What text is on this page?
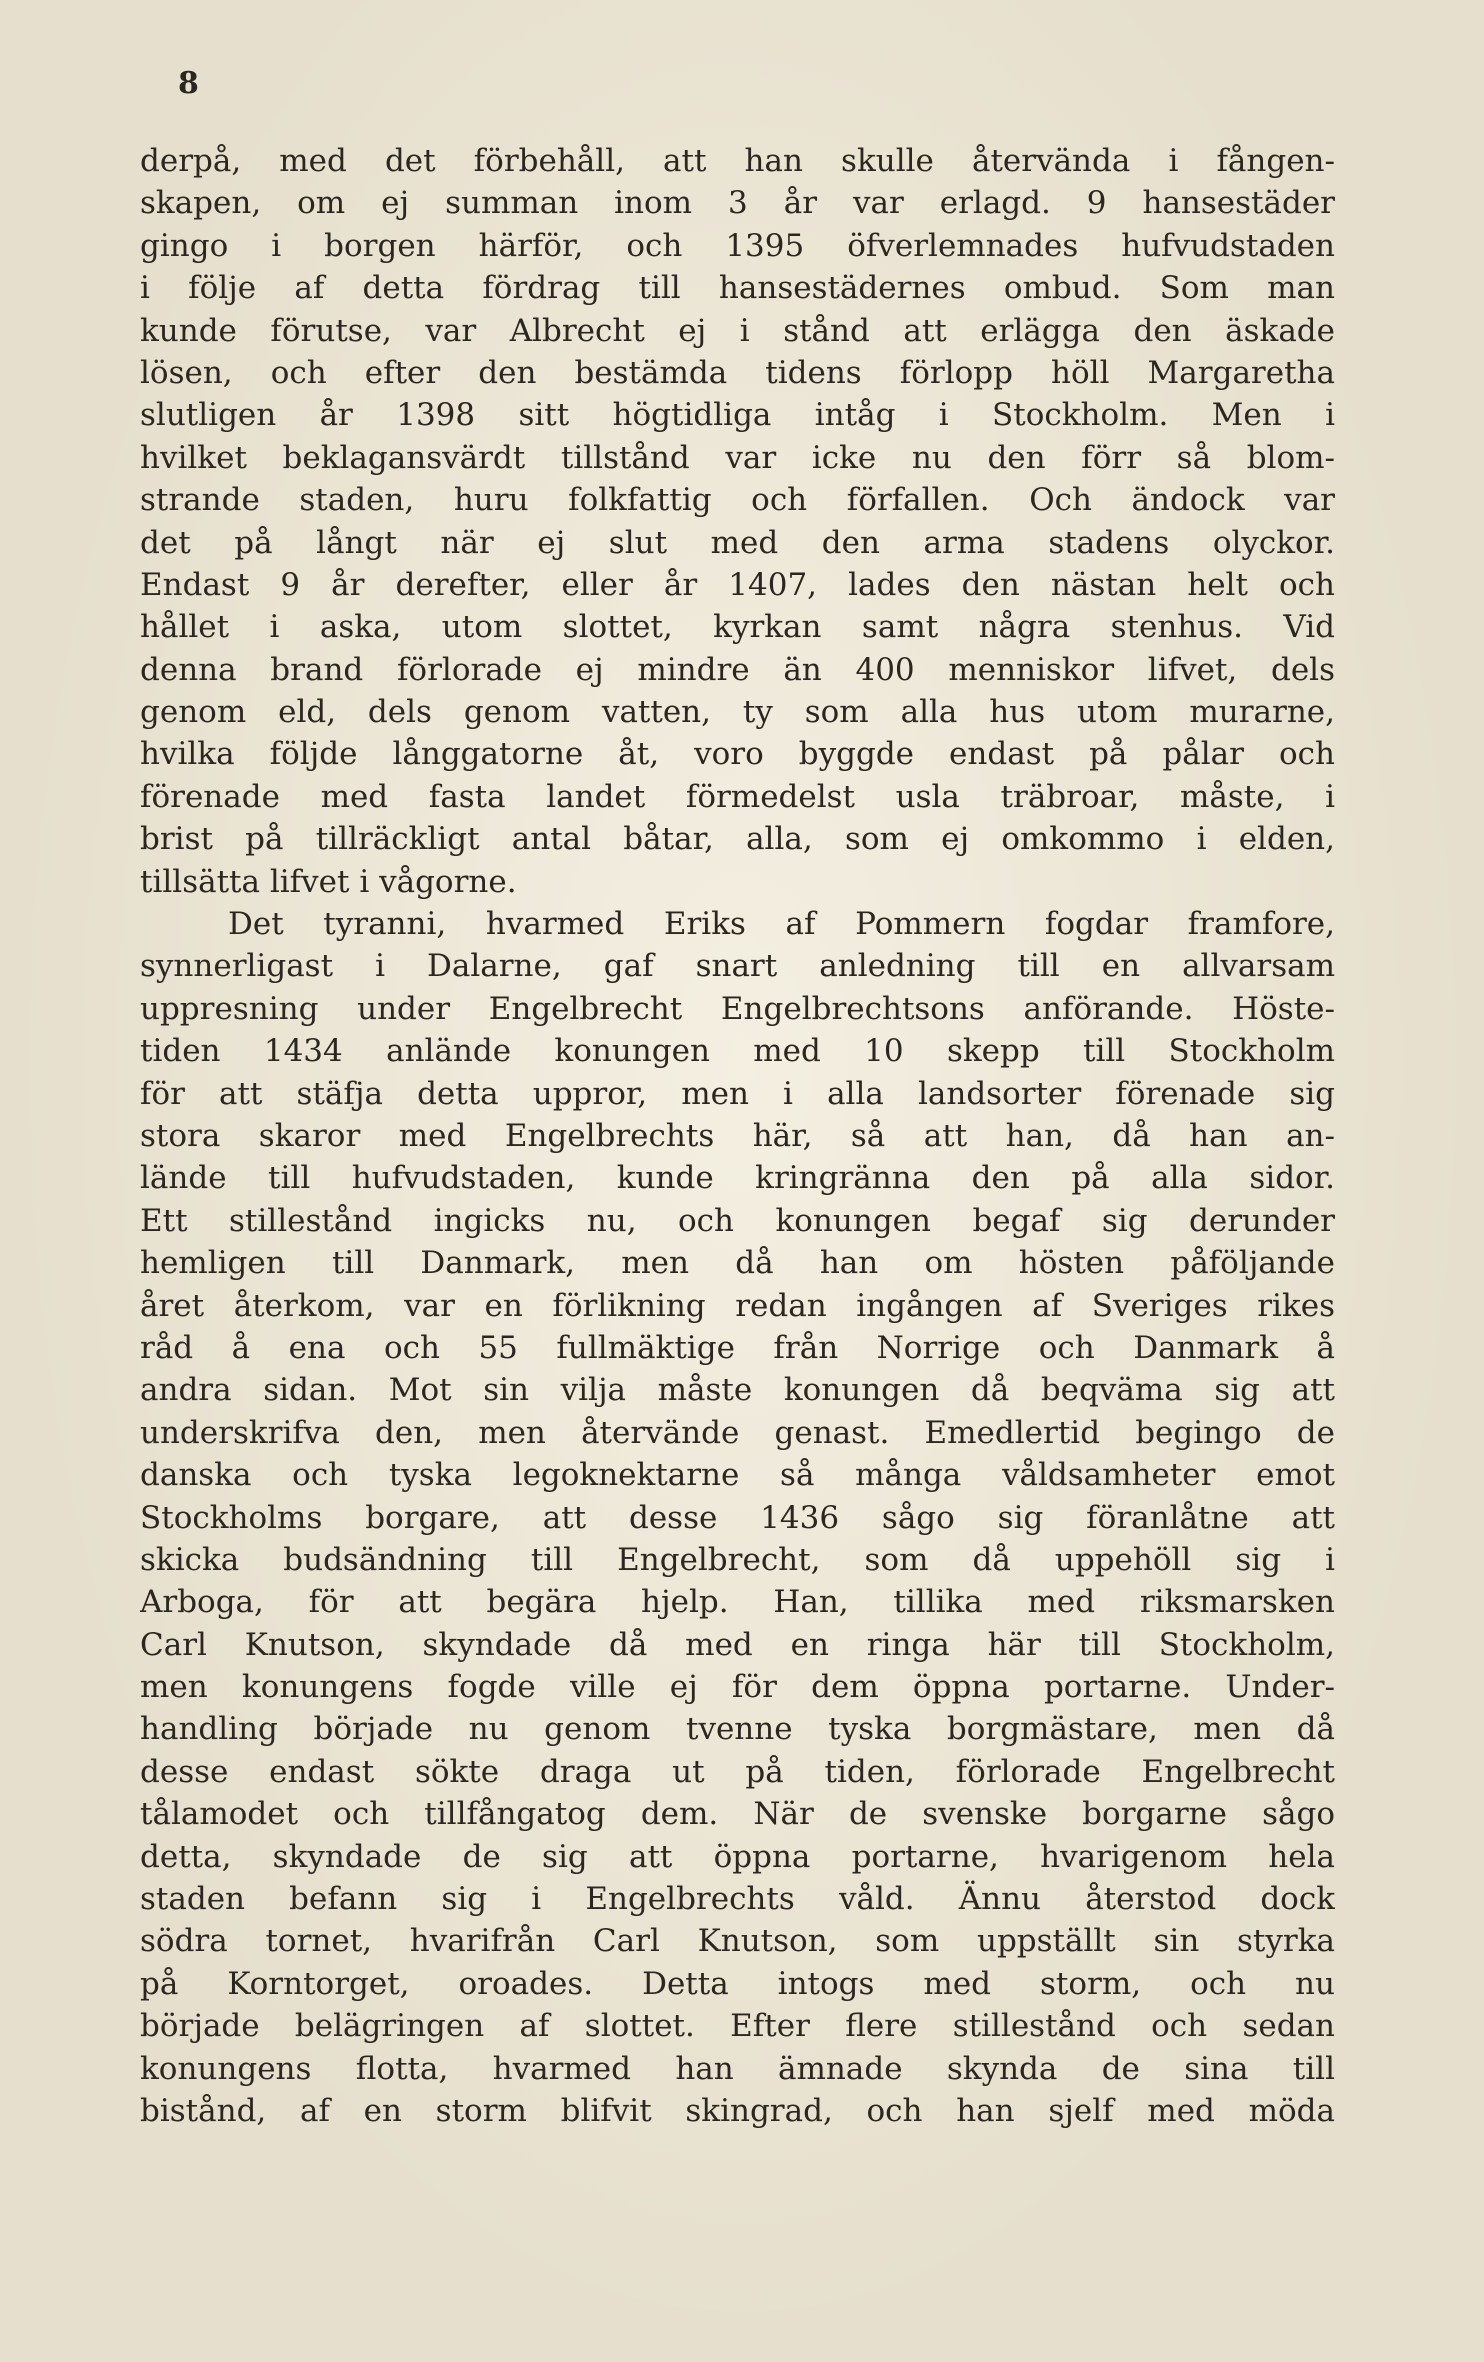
8
derpå, med det förbehåll, att han skulle återvända i fången-
skapen, om ej summan inom 3 år var erlagd. 9 hansestäder
gingo i borgen härför, och 1395 öfverlemnades hufvudstaden
i följe af detta fördrag till hansestädernes ombud. Som man
kunde förutse, var Albrecht ej i stånd att erlägga den äskade
lösen, och efter den bestämda tidens förlopp höll Margaretha
slutligen år 1398 sitt högtidliga intåg i Stockholm. Men i
hvilket beklagansvärdt tillstånd var icke nu den förr så blom-
strande staden, huru folkfattig och förfallen. Och ändock var
det på långt när ej slut med den arma stadens olyckor.
Endast 9 år derefter, eller år 1407, lades den nästan helt och
hållet i aska, utom slottet, kyrkan samt några stenhus. Vid
denna brand förlorade ej mindre än 400 menniskor lifvet, dels
genom eld, dels genom vatten, ty som alla hus utom murarne,
hvilka följde långgatorne åt, voro byggde endast på pålar och
förenade med fasta landet förmedelst usla träbroar, måste, i
brist på tillräckligt antal båtar, alla, som ej omkommo i elden,
tillsätta lifvet i vågorne.
Det tyranni, hvarmed Eriks af Pommern fogdar framfore,
synnerligast i Dalarne, gaf snart anledning till en allvarsam
uppresning under Engelbrecht Engelbrechtsons anförande. Höste-
tiden 1434 anlände konungen med 10 skepp till Stockholm
för att stäfja detta uppror, men i alla landsorter förenade sig
stora skaror med Engelbrechts här, så att han, då han an-
lände till hufvudstaden, kunde kringränna den på alla sidor.
Ett stillestånd ingicks nu, och konungen begaf sig derunder
hemligen till Danmark, men då han om hösten påföljande
året återkom, var en förlikning redan ingången af Sveriges rikes
råd å ena och 55 fullmäktige från Norrige och Danmark å
andra sidan. Mot sin vilja måste konungen då beqväma sig att
underskrifva den, men återvände genast. Emedlertid begingo de
danska och tyska legoknektarne så många våldsamheter emot
Stockholms borgare, att desse 1436 sågo sig föranlåtne att
skicka budsändning till Engelbrecht, som då uppehöll sig i
Arboga, för att begära hjelp. Han, tillika med riksmarsken
Carl Knutson, skyndade då med en ringa här till Stockholm,
men konungens fogde ville ej för dem öppna portarne. Under-
handling började nu genom tvenne tyska borgmästare, men då
desse endast sökte draga ut på tiden, förlorade Engelbrecht
tålamodet och tillfångatog dem. När de svenske borgarne sågo
detta, skyndade de sig att öppna portarne, hvarigenom hela
staden befann sig i Engelbrechts våld. Ännu återstod dock
södra tornet, hvarifrån Carl Knutson, som uppställt sin styrka
på Korntorget, oroades. Detta intogs med storm, och nu
började belägringen af slottet. Efter flere stillestånd och sedan
konungens flotta, hvarmed han ämnade skynda de sina till
bistånd, af en storm blifvit skingrad, och han sjelf med möda
